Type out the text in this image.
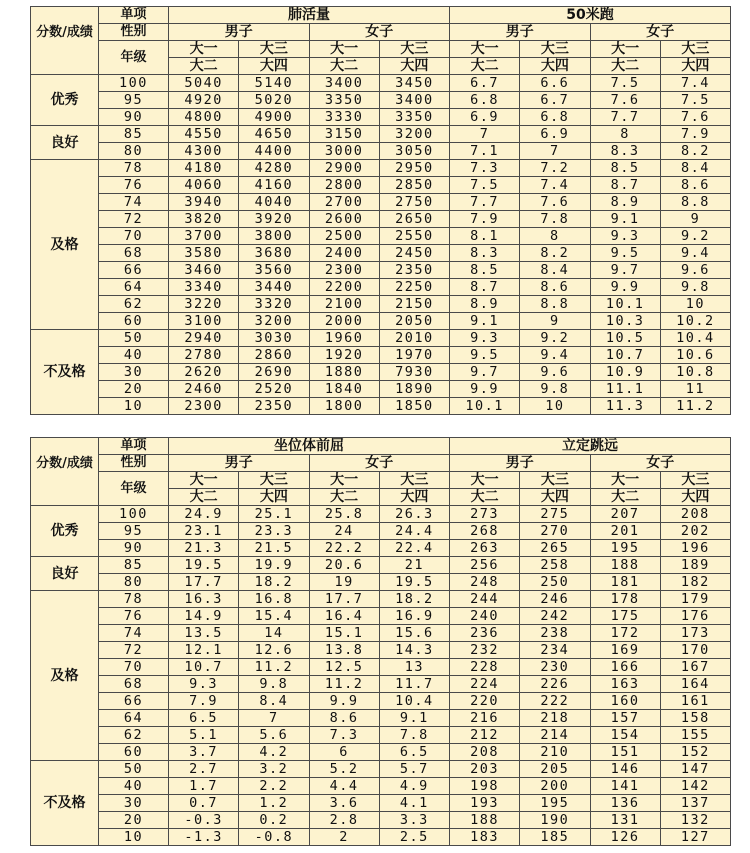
分数/成绩	单项	肺活量				50米跑			
	性别	男子		女子		男子		女子	
	年级	大一	大三	大一	大三	大一	大三	大一	大三
		大二	大四	大二	大四	大二	大四	大二	大四
优秀	100	5040	5140	3400	3450	6.7	6.6	7.5	7.4
	95	4920	5020	3350	3400	6.8	6.7	7.6	7.5
	90	4800	4900	3330	3350	6.9	6.8	7.7	7.6
良好	85	4550	4650	3150	3200	7	6.9	8	7.9
	80	4300	4400	3000	3050	7.1	7	8.3	8.2
及格	78	4180	4280	2900	2950	7.3	7.2	8.5	8.4
	76	4060	4160	2800	2850	7.5	7.4	8.7	8.6
	74	3940	4040	2700	2750	7.7	7.6	8.9	8.8
	72	3820	3920	2600	2650	7.9	7.8	9.1	9
	70	3700	3800	2500	2550	8.1	8	9.3	9.2
	68	3580	3680	2400	2450	8.3	8.2	9.5	9.4
	66	3460	3560	2300	2350	8.5	8.4	9.7	9.6
	64	3340	3440	2200	2250	8.7	8.6	9.9	9.8
	62	3220	3320	2100	2150	8.9	8.8	10.1	10
	60	3100	3200	2000	2050	9.1	9	10.3	10.2
不及格	50	2940	3030	1960	2010	9.3	9.2	10.5	10.4
	40	2780	2860	1920	1970	9.5	9.4	10.7	10.6
	30	2620	2690	1880	7930	9.7	9.6	10.9	10.8
	20	2460	2520	1840	1890	9.9	9.8	11.1	11
	10	2300	2350	1800	1850	10.1	10	11.3	11.2
分数/成绩	单项	坐位体前屈				立定跳远			
	性别	男子		女子		男子		女子	
	年级	大一	大三	大一	大三	大一	大三	大一	大三
		大二	大四	大二	大四	大二	大四	大二	大四
优秀	100	24.9	25.1	25.8	26.3	273	275	207	208
	95	23.1	23.3	24	24.4	268	270	201	202
	90	21.3	21.5	22.2	22.4	263	265	195	196
良好	85	19.5	19.9	20.6	21	256	258	188	189
	80	17.7	18.2	19	19.5	248	250	181	182
及格	78	16.3	16.8	17.7	18.2	244	246	178	179
	76	14.9	15.4	16.4	16.9	240	242	175	176
	74	13.5	14	15.1	15.6	236	238	172	173
	72	12.1	12.6	13.8	14.3	232	234	169	170
	70	10.7	11.2	12.5	13	228	230	166	167
	68	9.3	9.8	11.2	11.7	224	226	163	164
	66	7.9	8.4	9.9	10.4	220	222	160	161
	64	6.5	7	8.6	9.1	216	218	157	158
	62	5.1	5.6	7.3	7.8	212	214	154	155
	60	3.7	4.2	6	6.5	208	210	151	152
不及格	50	2.7	3.2	5.2	5.7	203	205	146	147
	40	1.7	2.2	4.4	4.9	198	200	141	142
	30	0.7	1.2	3.6	4.1	193	195	136	137
	20	-0.3	0.2	2.8	3.3	188	190	131	132
	10	-1.3	-0.8	2	2.5	183	185	126	127
